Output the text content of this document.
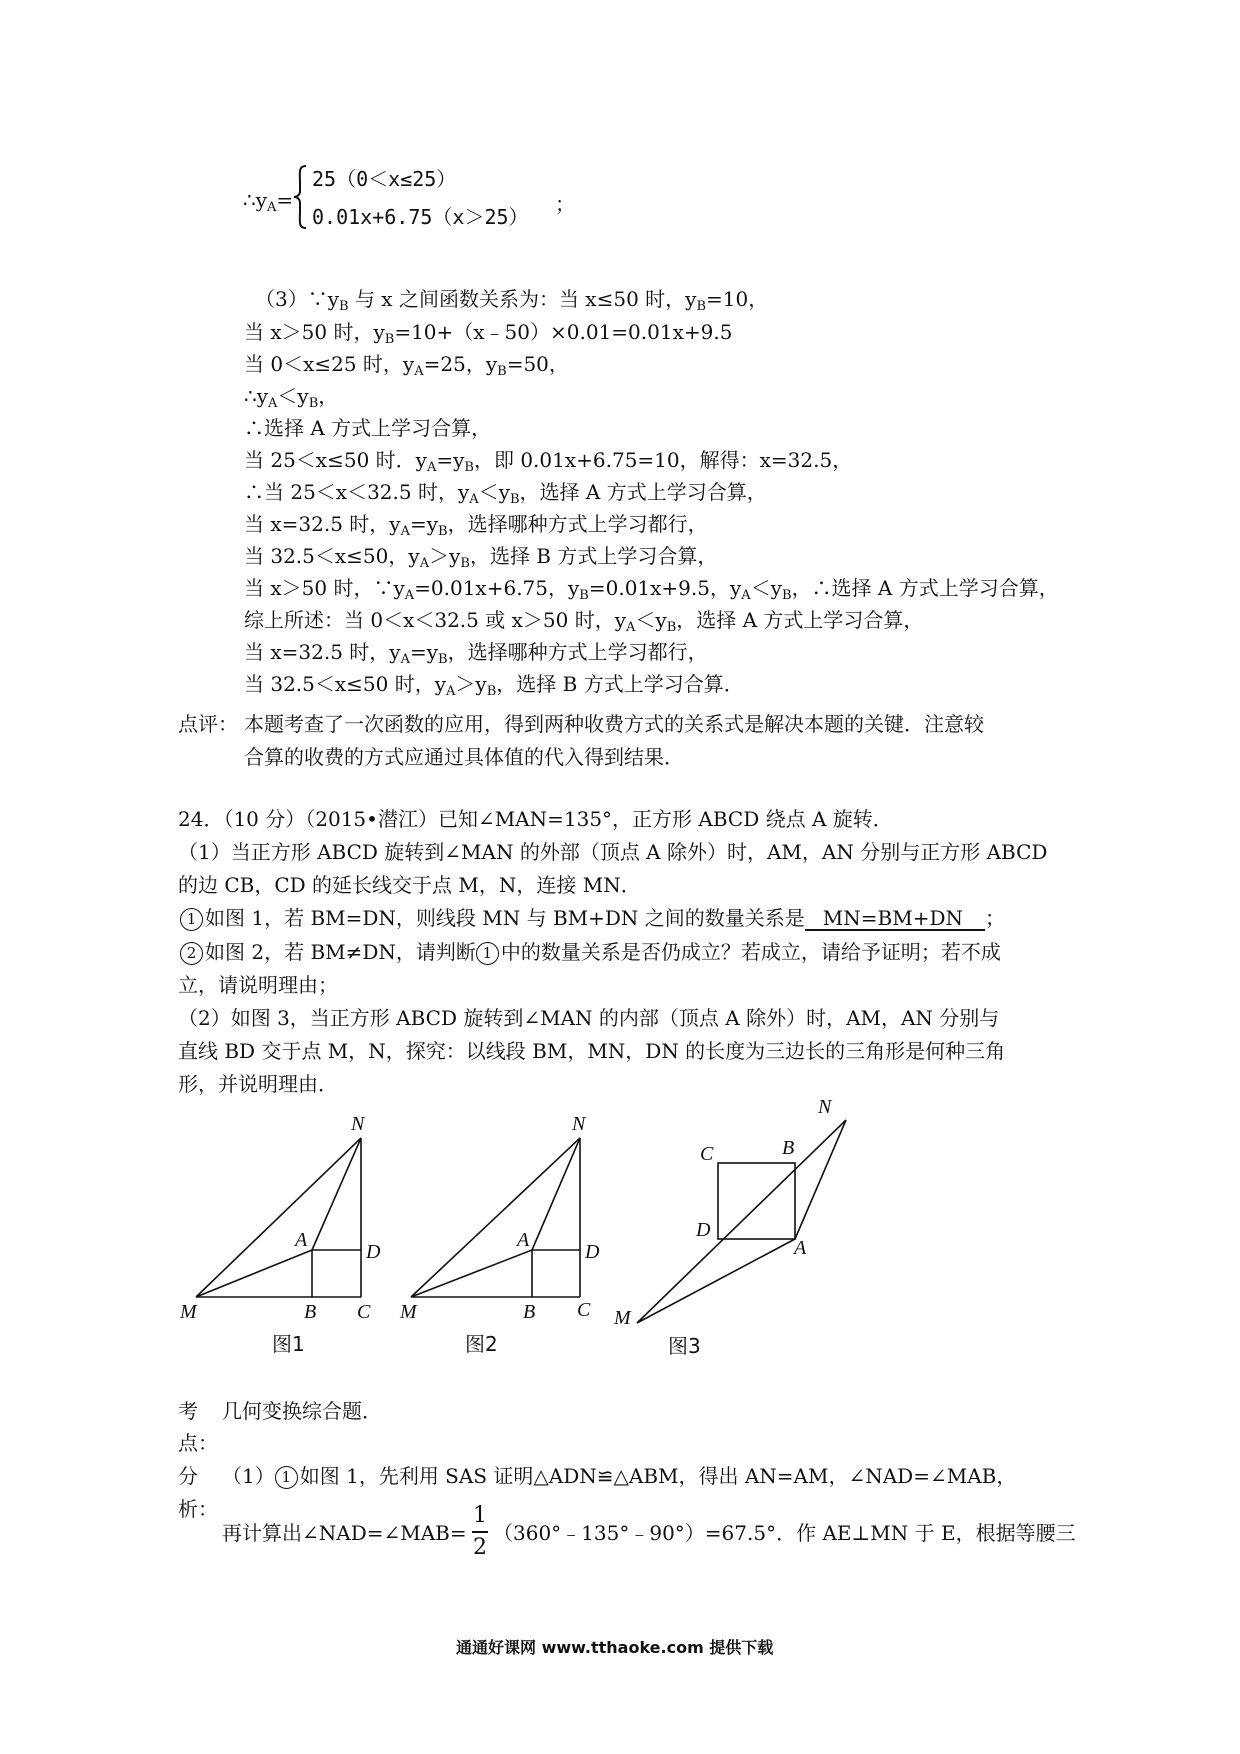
$\therefore y_A=$
25（0＜x≤25）
0.01x+6.75（x＞25）
；
$(3)\because y_B$ 与 x 之间函数关系为：当 x≤50 时，$y_B=10$，
当 x＞50 时，$y_B=10+(x﹣50)\times 0.01=0.01x+9.5$
当 0＜x≤25 时，$y_A=25$，$y_B=50$，
$\therefore y_A<y_B$，
∴选择 A 方式上学习合算，
当 25＜x≤50 时．$y_A=y_B$，即 0.01x+6.75=10，解得：x=32.5，
∴当 25＜x＜32.5 时，$y_A<y_B$，选择 A 方式上学习合算，
当 x=32.5 时，$y_A=y_B$，选择哪种方式上学习都行，
当 32.5＜x≤50，$y_A>y_B$，选择 B 方式上学习合算，
当 x＞50 时，$\because y_A=0.01x+6.75$，$y_B=0.01x+9.5$，$y_A<y_B$，∴选择 A 方式上学习合算，
综上所述：当 0＜x＜32.5 或 x＞50 时，$y_A<y_B$，选择 A 方式上学习合算，
当 x=32.5 时，$y_A=y_B$，选择哪种方式上学习都行，
当 32.5＜x≤50 时，$y_A>y_B$，选择 B 方式上学习合算．
点评： 本题考查了一次函数的应用，得到两种收费方式的关系式是解决本题的关键．注意较
合算的收费的方式应通过具体值的代入得到结果．
24．（10 分）（2015•潜江）已知∠MAN=135°，正方形 ABCD 绕点 A 旋转．
（1）当正方形 ABCD 旋转到∠MAN 的外部（顶点 A 除外）时，AM，AN 分别与正方形 ABCD
的边 CB，CD 的延长线交于点 M，N，连接 MN．
1 如图 1，若 BM=DN，则线段 MN 与 BM+DN 之间的数量关系是 MN=BM+DN ；
2 如图 2，若 BM≠DN，请判断 1 中的数量关系是否仍成立？若成立，请给予证明；若不成
立，请说明理由；
（2）如图 3，当正方形 ABCD 旋转到∠MAN 的内部（顶点 A 除外）时，AM，AN 分别与
直线 BD 交于点 M，N，探究：以线段 BM，MN，DN 的长度为三边长的三角形是何种三角
形，并说明理由．
N
A
D
M	B C
图1
N
A
D
M	B C
图2
N
B
C
D
A
M
图3
考 几何变换综合题．
点：
分 （1） 1 如图 1，先利用 SAS 证明△ADN≌△ABM，得出 AN=AM，∠NAD=∠MAB，
析：
再计算出∠NAD=∠MAB=
1
2
（360°﹣135°﹣90°）=67.5°．作 AE⊥MN 于 E，根据等腰三
通通好课网 www.tthaoke.com 提供下载
